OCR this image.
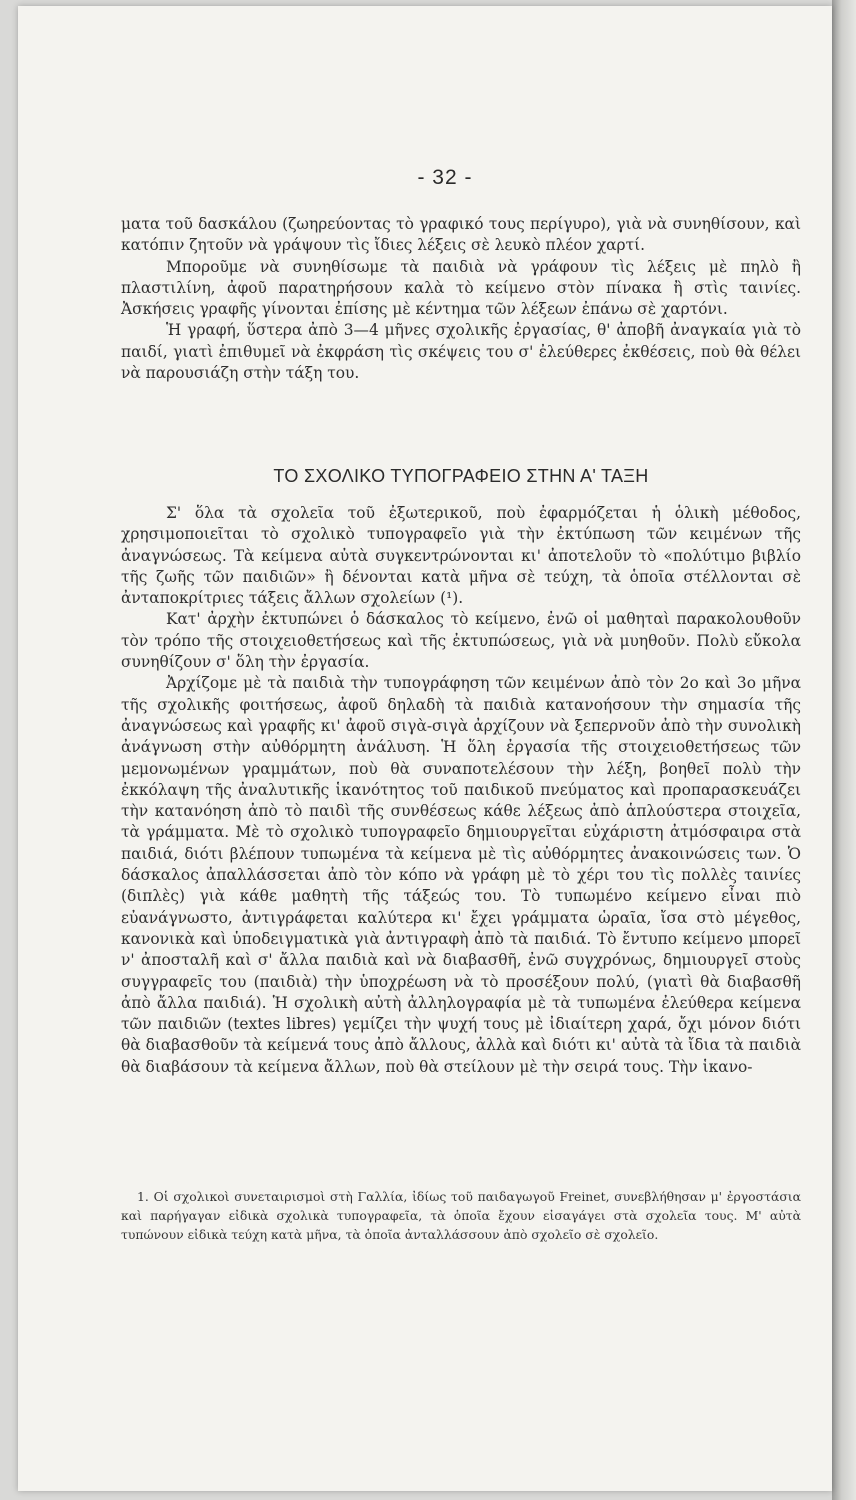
- 32 -

ματα τοῦ δασκάλου (ζωηρεύοντας τὸ γραφικό τους περίγυρο), γιὰ νὰ συνηθίσουν, καὶ κατόπιν ζητοῦν νὰ γράψουν τὶς ἴδιες λέξεις σὲ λευκὸ πλέον χαρτί.

Μποροῦμε νὰ συνηθίσωμε τὰ παιδιὰ νὰ γράφουν τὶς λέξεις μὲ πηλὸ ἢ πλαστιλίνη, ἀφοῦ παρατηρήσουν καλὰ τὸ κείμενο στὸν πίνακα ἢ στὶς ταινίες. Ἀσκήσεις γραφῆς γίνονται ἐπίσης μὲ κέντημα τῶν λέξεων ἐπάνω σὲ χαρτόνι.

Ἡ γραφή, ὕστερα ἀπὸ 3—4 μῆνες σχολικῆς ἐργασίας, θ' ἀποβῆ ἀναγκαία γιὰ τὸ παιδί, γιατὶ ἐπιθυμεῖ νὰ ἐκφράση τὶς σκέψεις του σ' ἐλεύθερες ἐκθέσεις, ποὺ θὰ θέλει νὰ παρουσιάζη στὴν τάξη του.

ΤΟ ΣΧΟΛΙΚΟ ΤΥΠΟΓΡΑΦΕΙΟ ΣΤΗΝ Α' ΤΑΞΗ

Σ' ὅλα τὰ σχολεῖα τοῦ ἐξωτερικοῦ, ποὺ ἐφαρμόζεται ἡ ὁλικὴ μέθοδος, χρησιμοποιεῖται τὸ σχολικὸ τυπογραφεῖο γιὰ τὴν ἐκτύπωση τῶν κειμένων τῆς ἀναγνώσεως. Τὰ κείμενα αὐτὰ συγκεντρώνονται κι' ἀποτελοῦν τὸ «πολύτιμο βιβλίο τῆς ζωῆς τῶν παιδιῶν» ἢ δένονται κατὰ μῆνα σὲ τεύχη, τὰ ὁποῖα στέλλονται σὲ ἀνταποκρίτριες τάξεις ἄλλων σχολείων (¹).

Κατ' ἀρχὴν ἐκτυπώνει ὁ δάσκαλος τὸ κείμενο, ἐνῶ οἱ μαθηταὶ παρακολουθοῦν τὸν τρόπο τῆς στοιχειοθετήσεως καὶ τῆς ἐκτυπώσεως, γιὰ νὰ μυηθοῦν. Πολὺ εὔκολα συνηθίζουν σ' ὅλη τὴν ἐργασία.

Ἀρχίζομε μὲ τὰ παιδιὰ τὴν τυπογράφηση τῶν κειμένων ἀπὸ τὸν 2ο καὶ 3ο μῆνα τῆς σχολικῆς φοιτήσεως, ἀφοῦ δηλαδὴ τὰ παιδιὰ κατανοήσουν τὴν σημασία τῆς ἀναγνώσεως καὶ γραφῆς κι' ἀφοῦ σιγὰ-σιγὰ ἀρχίζουν νὰ ξεπερνοῦν ἀπὸ τὴν συνολικὴ ἀνάγνωση στὴν αὐθόρμητη ἀνάλυση. Ἡ ὅλη ἐργασία τῆς στοιχειοθετήσεως τῶν μεμονωμένων γραμμάτων, ποὺ θὰ συναποτελέσουν τὴν λέξη, βοηθεῖ πολὺ τὴν ἐκκόλαψη τῆς ἀναλυτικῆς ἱκανότητος τοῦ παιδικοῦ πνεύματος καὶ προπαρασκευάζει τὴν κατανόηση ἀπὸ τὸ παιδὶ τῆς συνθέσεως κάθε λέξεως ἀπὸ ἁπλούστερα στοιχεῖα, τὰ γράμματα. Μὲ τὸ σχολικὸ τυπογραφεῖο δημιουργεῖται εὐχάριστη ἀτμόσφαιρα στὰ παιδιά, διότι βλέπουν τυπωμένα τὰ κείμενα μὲ τὶς αὐθόρμητες ἀνακοινώσεις των. Ὁ δάσκαλος ἀπαλλάσσεται ἀπὸ τὸν κόπο νὰ γράφη μὲ τὸ χέρι του τὶς πολλὲς ταινίες (διπλὲς) γιὰ κάθε μαθητὴ τῆς τάξεώς του. Τὸ τυπωμένο κείμενο εἶναι πιὸ εὐανάγνωστο, ἀντιγράφεται καλύτερα κι' ἔχει γράμματα ὡραῖα, ἴσα στὸ μέγεθος, κανονικὰ καὶ ὑποδειγματικὰ γιὰ ἀντιγραφὴ ἀπὸ τὰ παιδιά. Τὸ ἔντυπο κείμενο μπορεῖ ν' ἀποσταλῆ καὶ σ' ἄλλα παιδιὰ καὶ νὰ διαβασθῆ, ἐνῶ συγχρόνως, δημιουργεῖ στοὺς συγγραφεῖς του (παιδιὰ) τὴν ὑποχρέωση νὰ τὸ προσέξουν πολύ, (γιατὶ θὰ διαβασθῆ ἀπὸ ἄλλα παιδιά). Ἡ σχολικὴ αὐτὴ ἀλληλογραφία μὲ τὰ τυπωμένα ἐλεύθερα κείμενα τῶν παιδιῶν (textes libres) γεμίζει τὴν ψυχή τους μὲ ἰδιαίτερη χαρά, ὄχι μόνον διότι θὰ διαβασθοῦν τὰ κείμενά τους ἀπὸ ἄλλους, ἀλλὰ καὶ διότι κι' αὐτὰ τὰ ἴδια τὰ παιδιὰ θὰ διαβάσουν τὰ κείμενα ἄλλων, ποὺ θὰ στείλουν μὲ τὴν σειρά τους. Τὴν ἱκανο-

1. Οἱ σχολικοὶ συνεταιρισμοὶ στὴ Γαλλία, ἰδίως τοῦ παιδαγωγοῦ Freinet, συνεβλήθησαν μ' ἐργοστάσια καὶ παρήγαγαν εἰδικὰ σχολικὰ τυπογραφεῖα, τὰ ὁποῖα ἔχουν εἰσαγάγει στὰ σχολεῖα τους. Μ' αὐτὰ τυπώνουν εἰδικὰ τεύχη κατὰ μῆνα, τὰ ὁποῖα ἀνταλλάσσουν ἀπὸ σχολεῖο σὲ σχολεῖο.
